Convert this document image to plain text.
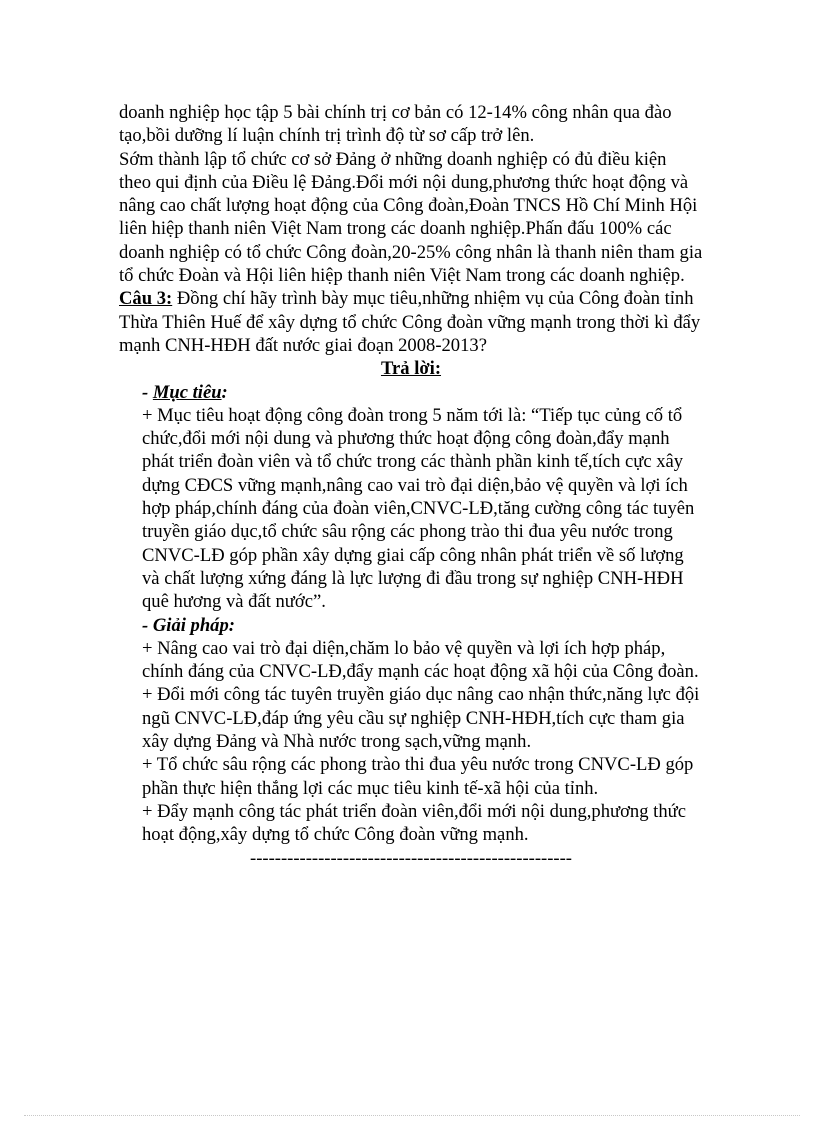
doanh nghiệp học tập 5 bài chính trị cơ bản có 12-14% công nhân qua đào tạo,bồi dưỡng lí luận chính trị trình độ từ sơ cấp trở lên.

Sớm thành lập tổ chức cơ sở Đảng ở những doanh nghiệp có đủ điều kiện theo qui định của Điều lệ Đảng.Đổi mới nội dung,phương thức hoạt động và nâng cao chất lượng hoạt động của Công đoàn,Đoàn TNCS Hồ Chí Minh Hội liên hiệp thanh niên Việt Nam trong các doanh nghiệp.Phấn đấu 100% các doanh nghiệp có tổ chức Công đoàn,20-25% công nhân là thanh niên tham gia tổ chức Đoàn và Hội liên hiệp thanh niên Việt Nam trong các doanh nghiệp.

Câu 3: Đồng chí hãy trình bày mục tiêu,những nhiệm vụ của Công đoàn tỉnh Thừa Thiên Huế để xây dựng tổ chức Công đoàn vững mạnh trong thời kì đẩy mạnh CNH-HĐH đất nước giai đoạn 2008-2013?

Trả lời:

- Mục tiêu:

+ Mục tiêu hoạt động công đoàn trong 5 năm tới là: “Tiếp tục củng cố tổ chức,đổi mới nội dung và phương thức hoạt động công đoàn,đẩy mạnh phát triển đoàn viên và tổ chức trong các thành phần kinh tế,tích cực xây dựng CĐCS vững mạnh,nâng cao vai trò đại diện,bảo vệ quyền và lợi ích hợp pháp,chính đáng của đoàn viên,CNVC-LĐ,tăng cường công tác tuyên truyền giáo dục,tổ chức sâu rộng các phong trào thi đua yêu nước trong CNVC-LĐ góp phần xây dựng giai cấp công nhân phát triển về số lượng và chất lượng xứng đáng là lực lượng đi đầu trong sự nghiệp CNH-HĐH quê hương và đất nước”.

- Giải pháp:

+ Nâng cao vai trò đại diện,chăm lo bảo vệ quyền và lợi ích hợp pháp, chính đáng của CNVC-LĐ,đẩy mạnh các hoạt động xã hội của Công đoàn.

+ Đổi mới công tác tuyên truyền giáo dục nâng cao nhận thức,năng lực đội ngũ CNVC-LĐ,đáp ứng yêu cầu sự nghiệp CNH-HĐH,tích cực tham gia xây dựng Đảng và Nhà nước trong sạch,vững mạnh.

+ Tổ chức sâu rộng các phong trào thi đua yêu nước trong CNVC-LĐ góp phần thực hiện thắng lợi các mục tiêu kinh tế-xã hội của tỉnh.

+ Đẩy mạnh công tác phát triển đoàn viên,đổi mới nội dung,phương thức hoạt động,xây dựng tổ chức Công đoàn vững mạnh.

----------------------------------------------------
